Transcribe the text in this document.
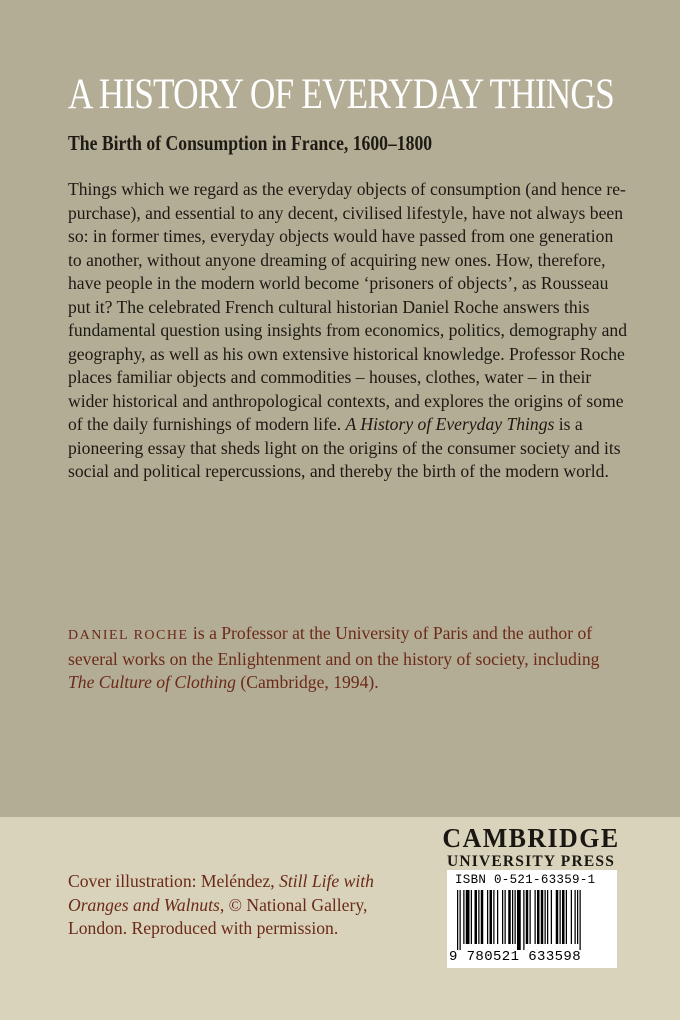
A HISTORY OF EVERYDAY THINGS
The Birth of Consumption in France, 1600–1800

Things which we regard as the everyday objects of consumption (and hence re-purchase), and essential to any decent, civilised lifestyle, have not always been so: in former times, everyday objects would have passed from one generation to another, without anyone dreaming of acquiring new ones. How, therefore, have people in the modern world become ‘prisoners of objects’, as Rousseau put it? The celebrated French cultural historian Daniel Roche answers this fundamental question using insights from economics, politics, demography and geography, as well as his own extensive historical knowledge. Professor Roche places familiar objects and commodities – houses, clothes, water – in their wider historical and anthropological contexts, and explores the origins of some of the daily furnishings of modern life. A History of Everyday Things is a pioneering essay that sheds light on the origins of the consumer society and its social and political repercussions, and thereby the birth of the modern world.

DANIEL ROCHE is a Professor at the University of Paris and the author of several works on the Enlightenment and on the history of society, including The Culture of Clothing (Cambridge, 1994).

Cover illustration: Meléndez, Still Life with Oranges and Walnuts, © National Gallery, London. Reproduced with permission.

CAMBRIDGE
UNIVERSITY PRESS
ISBN 0-521-63359-1
9 780521 633598
